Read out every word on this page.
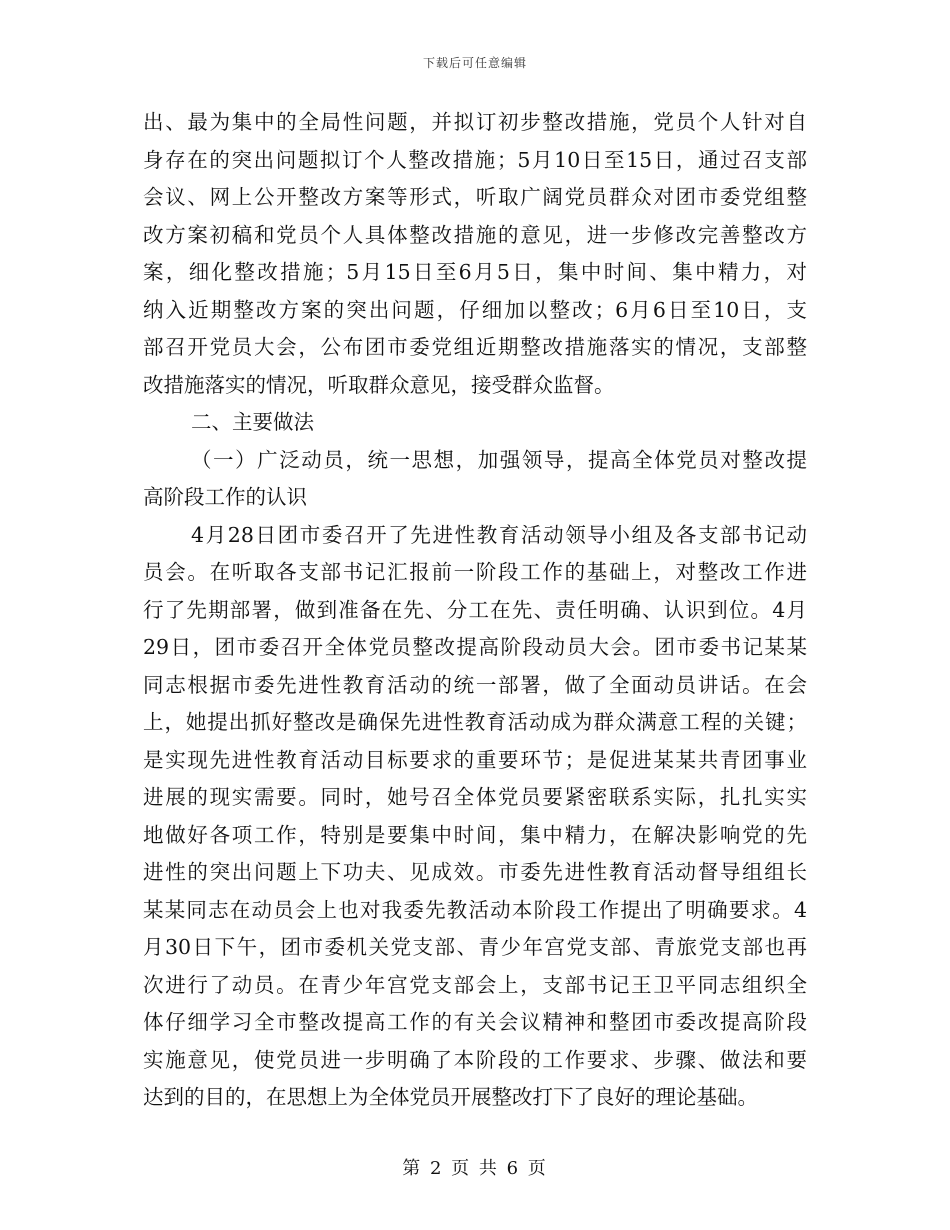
下载后可任意编辑
出、最为集中的全局性问题，并拟订初步整改措施，党员个人针对自
身存在的突出问题拟订个人整改措施；5月10日至15日，通过召支部
会议、网上公开整改方案等形式，听取广阔党员群众对团市委党组整
改方案初稿和党员个人具体整改措施的意见，进一步修改完善整改方
案，细化整改措施；5月15日至6月5日，集中时间、集中精力，对
纳入近期整改方案的突出问题，仔细加以整改；6月6日至10日，支
部召开党员大会，公布团市委党组近期整改措施落实的情况，支部整
改措施落实的情况，听取群众意见，接受群众监督。
二、主要做法
（一）广泛动员，统一思想，加强领导，提高全体党员对整改提
高阶段工作的认识
4月28日团市委召开了先进性教育活动领导小组及各支部书记动
员会。在听取各支部书记汇报前一阶段工作的基础上，对整改工作进
行了先期部署，做到准备在先、分工在先、责任明确、认识到位。4月
29日，团市委召开全体党员整改提高阶段动员大会。团市委书记某某
同志根据市委先进性教育活动的统一部署，做了全面动员讲话。在会
上，她提出抓好整改是确保先进性教育活动成为群众满意工程的关键；
是实现先进性教育活动目标要求的重要环节；是促进某某共青团事业
进展的现实需要。同时，她号召全体党员要紧密联系实际，扎扎实实
地做好各项工作，特别是要集中时间，集中精力，在解决影响党的先
进性的突出问题上下功夫、见成效。市委先进性教育活动督导组组长
某某同志在动员会上也对我委先教活动本阶段工作提出了明确要求。4
月30日下午，团市委机关党支部、青少年宫党支部、青旅党支部也再
次进行了动员。在青少年宫党支部会上，支部书记王卫平同志组织全
体仔细学习全市整改提高工作的有关会议精神和整团市委改提高阶段
实施意见，使党员进一步明确了本阶段的工作要求、步骤、做法和要
达到的目的，在思想上为全体党员开展整改打下了良好的理论基础。
第 2 页 共 6 页
